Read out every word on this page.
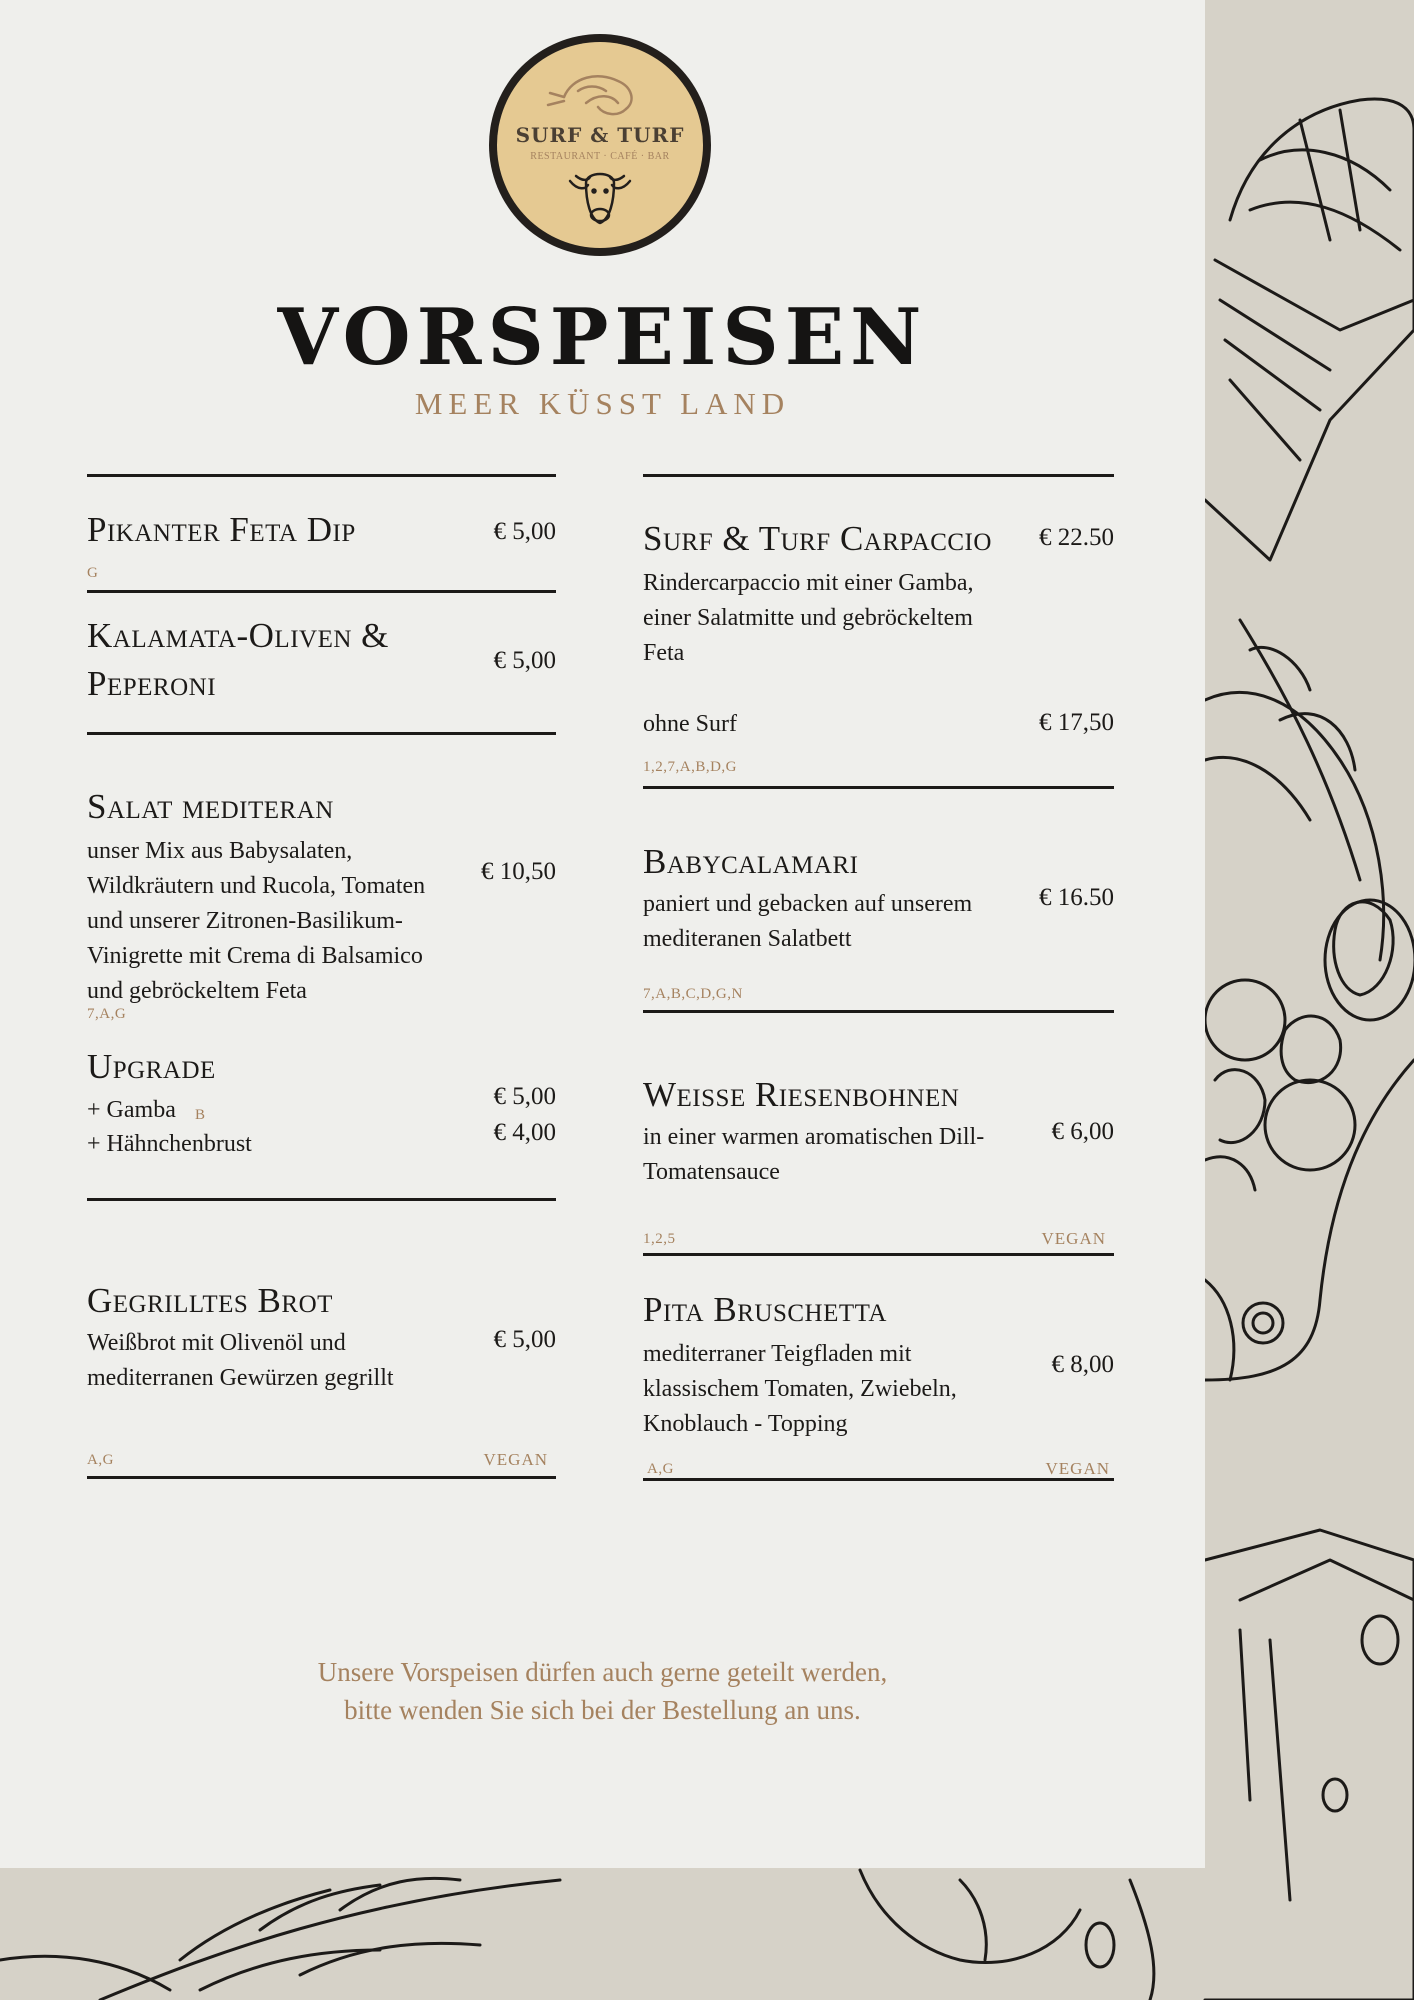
SURF & TURF
RESTAURANT · CAFÉ · BAR
VORSPEISEN
MEER KÜSST LAND
Pikanter Feta Dip	€ 5,00
G
Kalamata-Oliven &
Peperoni
€ 5,00
Salat mediteran
unser Mix aus Babysalaten,
Wildkräutern und Rucola, Tomaten
und unserer Zitronen-Basilikum-
Vinigrette mit Crema di Balsamico
und gebröckeltem Feta
€ 10,50
7,A,G
Upgrade
+ Gamba B
€ 5,00
+ Hähnchenbrust	€ 4,00
Gegrilltes Brot
Weißbrot mit Olivenöl und
mediterranen Gewürzen gegrillt
€ 5,00
A,G	VEGAN
Surf & Turf Carpaccio	€ 22.50
Rindercarpaccio mit einer Gamba,
einer Salatmitte und gebröckeltem
Feta
ohne Surf	€ 17,50
1,2,7,A,B,D,G
Babycalamari
paniert und gebacken auf unserem
mediteranen Salatbett
€ 16.50
7,A,B,C,D,G,N
Weisse Riesenbohnen
in einer warmen aromatischen Dill-
Tomatensauce
€ 6,00
1,2,5	VEGAN
Pita Bruschetta
mediterraner Teigfladen mit
klassischem Tomaten, Zwiebeln,
Knoblauch - Topping
€ 8,00
A,G	VEGAN
Unsere Vorspeisen dürfen auch gerne geteilt werden,
bitte wenden Sie sich bei der Bestellung an uns.
